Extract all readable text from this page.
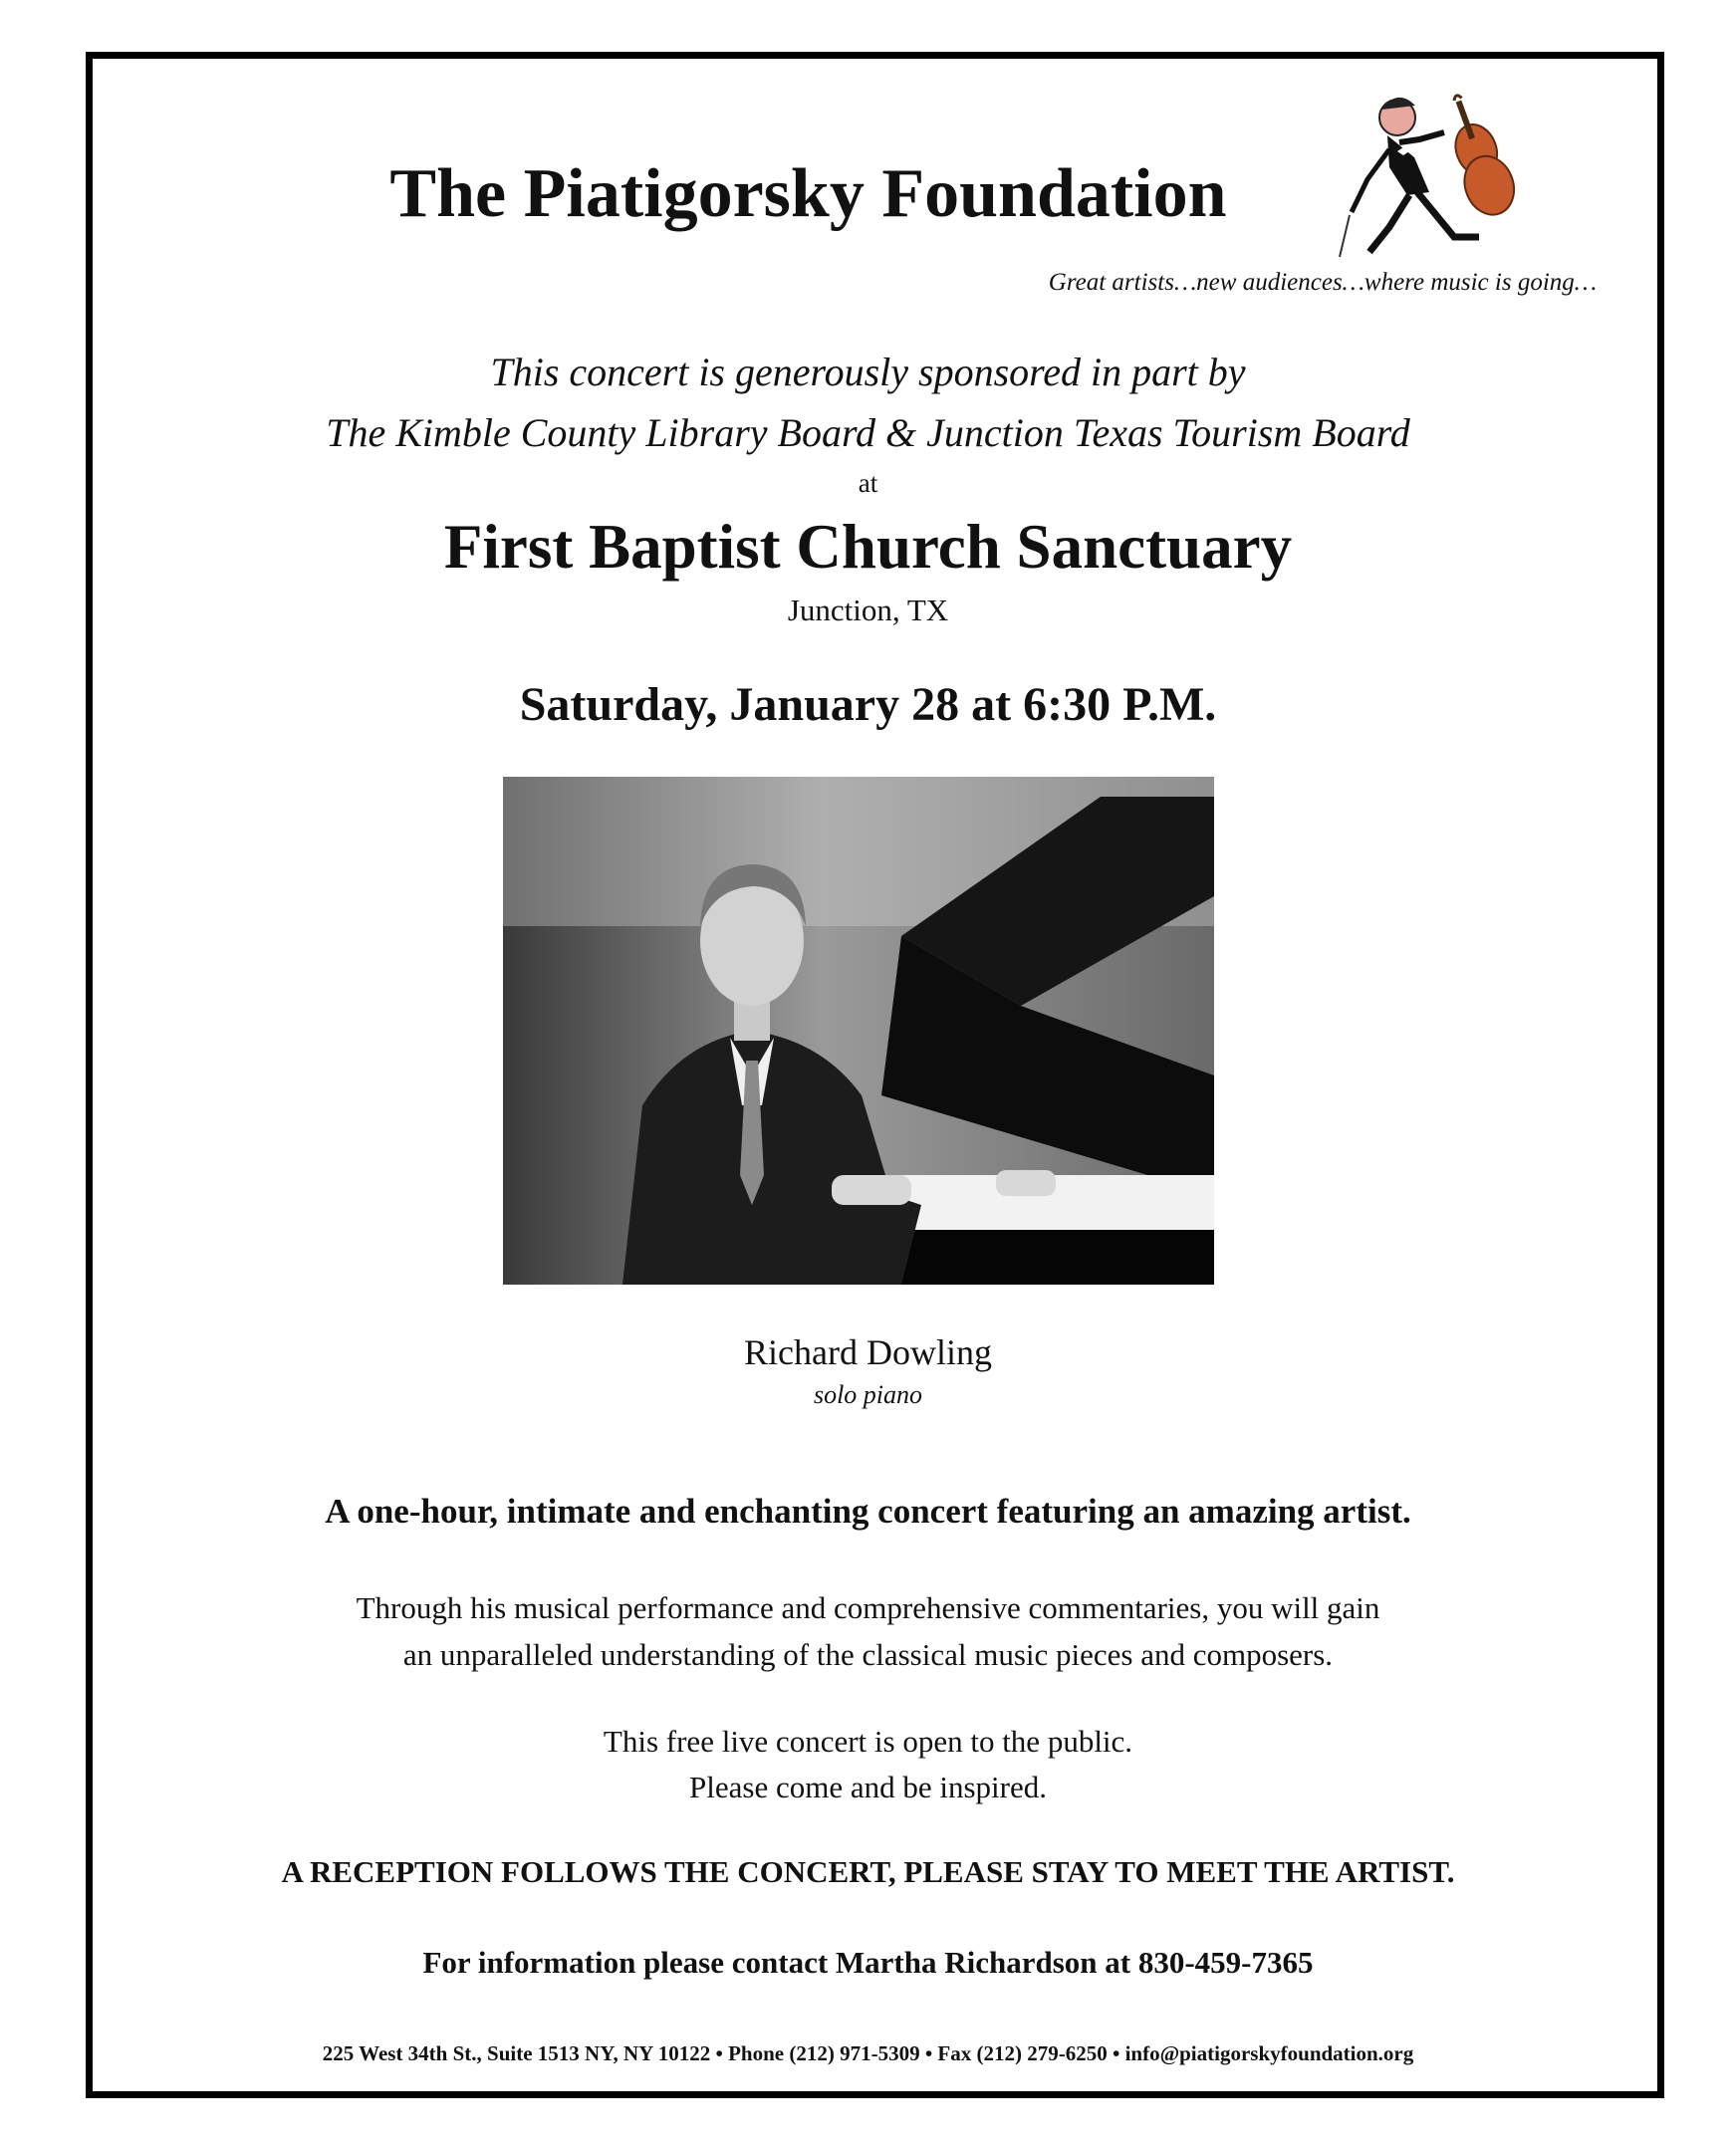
The Piatigorsky Foundation
Great artists…new audiences…where music is going…
This concert is generously sponsored in part by
The Kimble County Library Board & Junction Texas Tourism Board
at
First Baptist Church Sanctuary
Junction, TX
Saturday, January 28 at 6:30 P.M.
Richard Dowling
solo piano
A one-hour, intimate and enchanting concert featuring an amazing artist.
Through his musical performance and comprehensive commentaries, you will gain
an unparalleled understanding of the classical music pieces and composers.
This free live concert is open to the public.
Please come and be inspired.
A RECEPTION FOLLOWS THE CONCERT, PLEASE STAY TO MEET THE ARTIST.
For information please contact Martha Richardson at 830-459-7365
225 West 34th St., Suite 1513 NY, NY 10122 • Phone (212) 971-5309 • Fax (212) 279-6250 • info@piatigorskyfoundation.org
